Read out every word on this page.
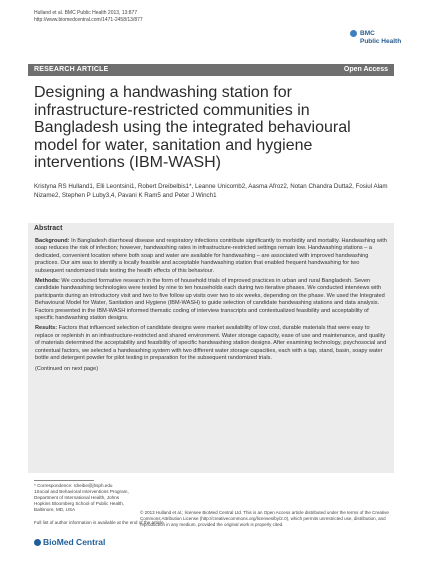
Hulland et al. BMC Public Health 2013, 13:877
http://www.biomedcentral.com/1471-2458/13/877
BMC
Public Health
RESEARCH ARTICLE	Open Access
Designing a handwashing station for infrastructure-restricted communities in Bangladesh using the integrated behavioural model for water, sanitation and hygiene interventions (IBM-WASH)
Kristyna RS Hulland1, Elli Leontsini1, Robert Dreibelbis1*, Leanne Unicomb2, Aasma Afroz2, Notan Chandra Dutta2, Fosiul Alam Nizame2, Stephen P Luby3,4, Pavani K Ram5 and Peter J Winch1
Abstract

Background: In Bangladesh diarrhoeal disease and respiratory infections contribute significantly to morbidity and mortality. Handwashing with soap reduces the risk of infection; however, handwashing rates in infrastructure-restricted settings remain low. Handwashing stations – a dedicated, convenient location where both soap and water are available for handwashing – are associated with improved handwashing practices. Our aim was to identify a locally feasible and acceptable handwashing station that enabled frequent handwashing for two subsequent randomized trials testing the health effects of this behaviour.

Methods: We conducted formative research in the form of household trials of improved practices in urban and rural Bangladesh. Seven candidate handwashing technologies were tested by nine to ten households each during two iterative phases. We conducted interviews with participants during an introductory visit and two to five follow up visits over two to six weeks, depending on the phase. We used the Integrated Behavioural Model for Water, Sanitation and Hygiene (IBM-WASH) to guide selection of candidate handwashing stations and data analysis. Factors presented in the IBM-WASH informed thematic coding of interview transcripts and contextualized feasibility and acceptability of specific handwashing station designs.

Results: Factors that influenced selection of candidate designs were market availability of low cost, durable materials that were easy to replace or replenish in an infrastructure-restricted and shared environment. Water storage capacity, ease of use and maintenance, and quality of materials determined the acceptability and feasibility of specific handwashing station designs. After examining technology, psychosocial and contextual factors, we selected a handwashing system with two different water storage capacities, each with a tap, stand, basin, soapy water bottle and detergent powder for pilot testing in preparation for the subsequent randomized trials.

(Continued on next page)

* Correspondence: rdreibe@jhsph.edu
1Social and Behavioral Interventions Program, Department of International Health, Johns Hopkins Bloomberg School of Public Health, Baltimore, MD, USA
Full list of author information is available at the end of the article
BioMed Central
© 2013 Hulland et al.; licensee BioMed Central Ltd. This is an Open Access article distributed under the terms of the Creative Commons Attribution License (http://creativecommons.org/licenses/by/2.0), which permits unrestricted use, distribution, and reproduction in any medium, provided the original work is properly cited.
